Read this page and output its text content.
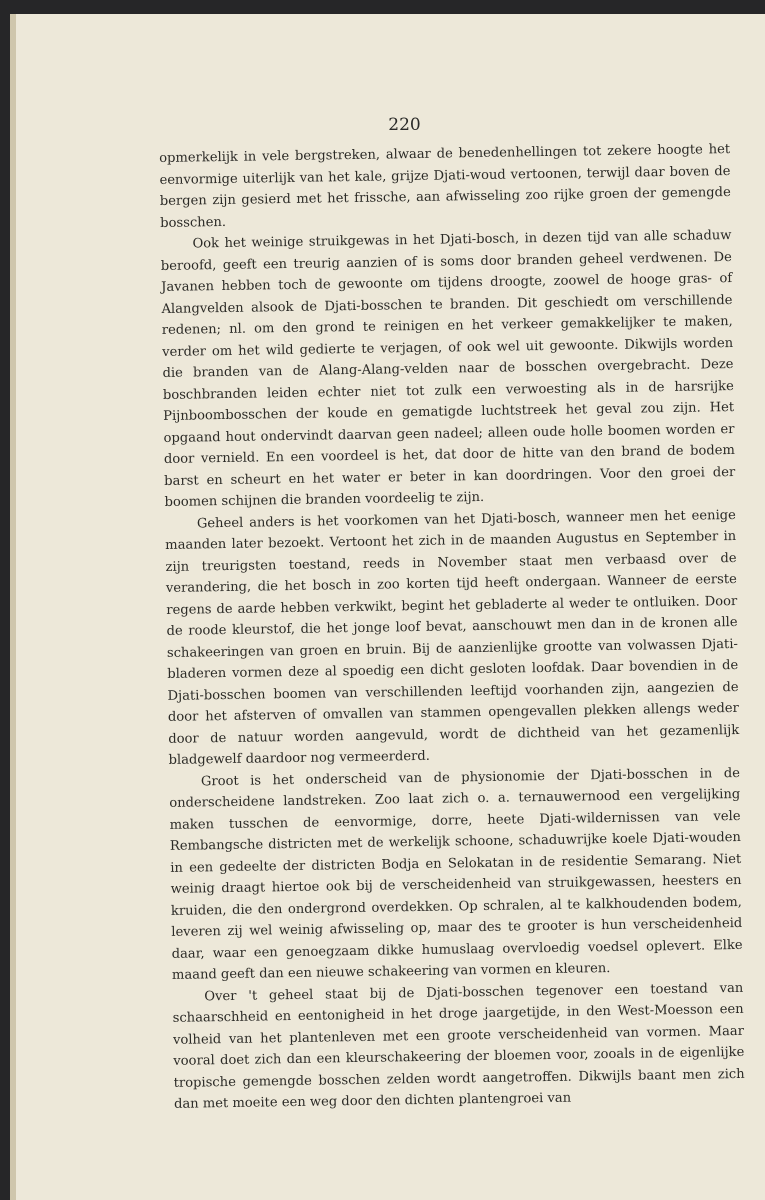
220

opmerkelijk in vele bergstreken, alwaar de benedenhellingen tot zekere hoogte het eenvormige uiterlijk van het kale, grijze Djati-woud vertoonen, terwijl daar boven de bergen zijn gesierd met het frissche, aan afwisseling zoo rijke groen der gemengde bosschen.

Ook het weinige struikgewas in het Djati-bosch, in dezen tijd van alle schaduw beroofd, geeft een treurig aanzien of is soms door branden geheel verdwenen. De Javanen hebben toch de gewoonte om tijdens droogte, zoowel de hooge gras- of Alangvelden alsook de Djati-bosschen te branden. Dit geschiedt om verschillende redenen; nl. om den grond te reinigen en het verkeer gemakkelijker te maken, verder om het wild gedierte te verjagen, of ook wel uit gewoonte. Dikwijls worden die branden van de Alang-Alang-velden naar de bosschen overgebracht. Deze boschbranden leiden echter niet tot zulk een verwoesting als in de harsrijke Pijnboombosschen der koude en gematigde luchtstreek het geval zou zijn. Het opgaand hout ondervindt daarvan geen nadeel; alleen oude holle boomen worden er door vernield. En een voordeel is het, dat door de hitte van den brand de bodem barst en scheurt en het water er beter in kan doordringen. Voor den groei der boomen schijnen die branden voordeelig te zijn.

Geheel anders is het voorkomen van het Djati-bosch, wanneer men het eenige maanden later bezoekt. Vertoont het zich in de maanden Augustus en September in zijn treurigsten toestand, reeds in November staat men verbaasd over de verandering, die het bosch in zoo korten tijd heeft ondergaan. Wanneer de eerste regens de aarde hebben verkwikt, begint het gebladerte al weder te ontluiken. Door de roode kleurstof, die het jonge loof bevat, aanschouwt men dan in de kronen alle schakeeringen van groen en bruin. Bij de aanzienlijke grootte van volwassen Djati-bladeren vormen deze al spoedig een dicht gesloten loofdak. Daar bovendien in de Djati-bosschen boomen van verschillenden leeftijd voorhanden zijn, aangezien de door het afsterven of omvallen van stammen opengevallen plekken allengs weder door de natuur worden aangevuld, wordt de dichtheid van het gezamenlijk bladgewelf daardoor nog vermeerderd.

Groot is het onderscheid van de physionomie der Djati-bosschen in de onderscheidene landstreken. Zoo laat zich o. a. ternauwernood een vergelijking maken tusschen de eenvormige, dorre, heete Djati-wildernissen van vele Rembangsche districten met de werkelijk schoone, schaduwrijke koele Djati-wouden in een gedeelte der districten Bodja en Selokatan in de residentie Semarang. Niet weinig draagt hiertoe ook bij de verscheidenheid van struikgewassen, heesters en kruiden, die den ondergrond overdekken. Op schralen, al te kalkhoudenden bodem, leveren zij wel weinig afwisseling op, maar des te grooter is hun verscheidenheid daar, waar een genoegzaam dikke humuslaag overvloedig voedsel oplevert. Elke maand geeft dan een nieuwe schakeering van vormen en kleuren.

Over 't geheel staat bij de Djati-bosschen tegenover een toestand van schaarschheid en eentonigheid in het droge jaargetijde, in den West-Moesson een volheid van het plantenleven met een groote verscheidenheid van vormen. Maar vooral doet zich dan een kleurschakeering der bloemen voor, zooals in de eigenlijke tropische gemengde bosschen zelden wordt aangetroffen. Dikwijls baant men zich dan met moeite een weg door den dichten plantengroei van
